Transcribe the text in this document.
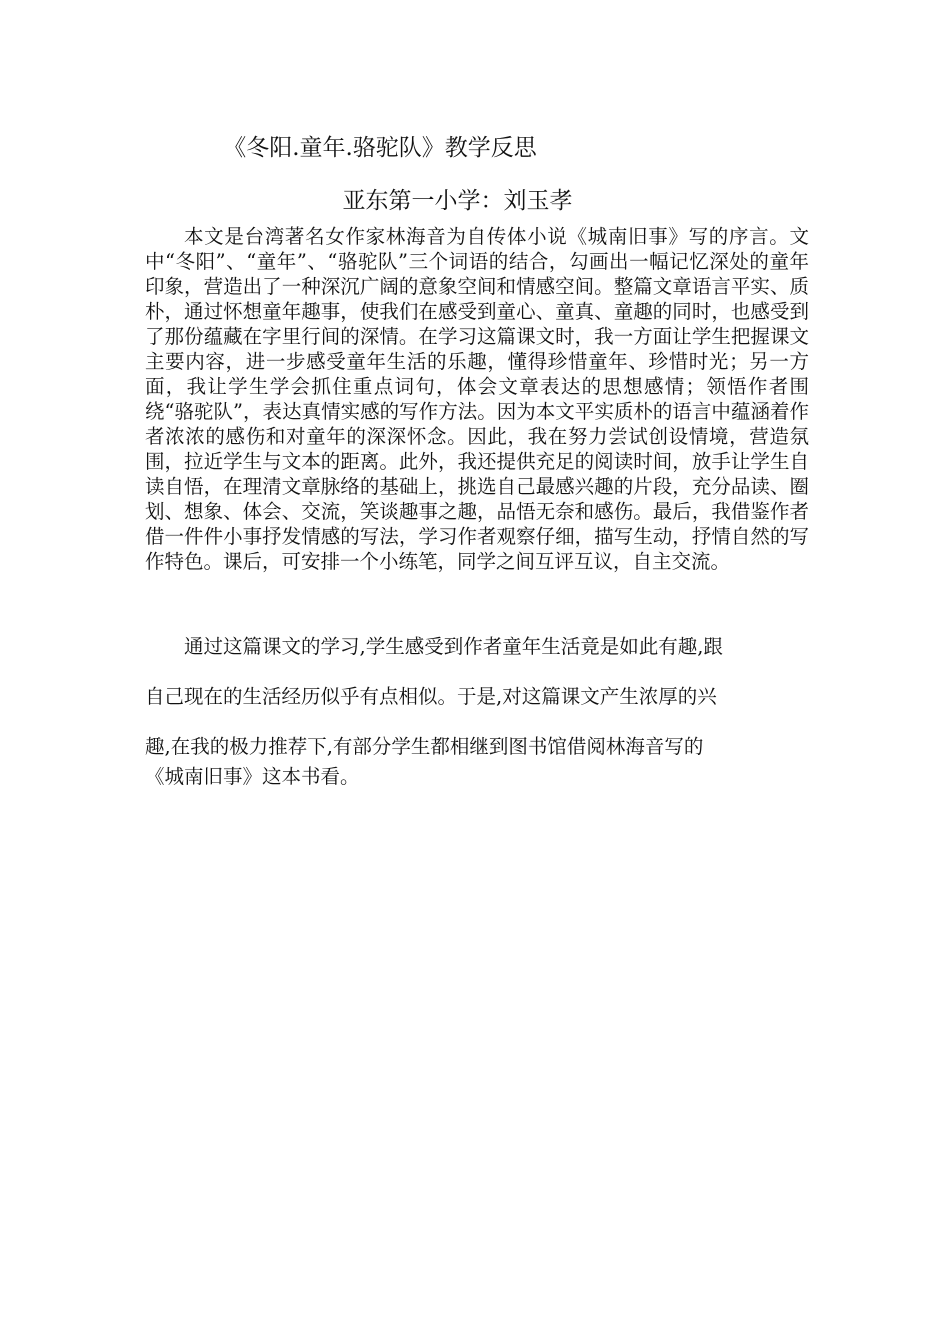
《冬阳.童年.骆驼队》教学反思
亚东第一小学：刘玉孝

本文是台湾著名女作家林海音为自传体小说《城南旧事》写的序言。文中“冬阳”、“童年”、“骆驼队”三个词语的结合，勾画出一幅记忆深处的童年印象，营造出了一种深沉广阔的意象空间和情感空间。整篇文章语言平实、质朴，通过怀想童年趣事，使我们在感受到童心、童真、童趣的同时，也感受到了那份蕴藏在字里行间的深情。在学习这篇课文时，我一方面让学生把握课文主要内容，进一步感受童年生活的乐趣，懂得珍惜童年、珍惜时光；另一方面，我让学生学会抓住重点词句，体会文章表达的思想感情；领悟作者围绕“骆驼队”，表达真情实感的写作方法。因为本文平实质朴的语言中蕴涵着作者浓浓的感伤和对童年的深深怀念。因此，我在努力尝试创设情境，营造氛围，拉近学生与文本的距离。此外，我还提供充足的阅读时间，放手让学生自读自悟，在理清文章脉络的基础上，挑选自己最感兴趣的片段，充分品读、圈划、想象、体会、交流，笑谈趣事之趣，品悟无奈和感伤。最后，我借鉴作者借一件件小事抒发情感的写法，学习作者观察仔细，描写生动，抒情自然的写作特色。课后，可安排一个小练笔，同学之间互评互议，自主交流。

通过这篇课文的学习,学生感受到作者童年生活竟是如此有趣,跟
自己现在的生活经历似乎有点相似。于是,对这篇课文产生浓厚的兴
趣,在我的极力推荐下,有部分学生都相继到图书馆借阅林海音写的
《城南旧事》这本书看。
